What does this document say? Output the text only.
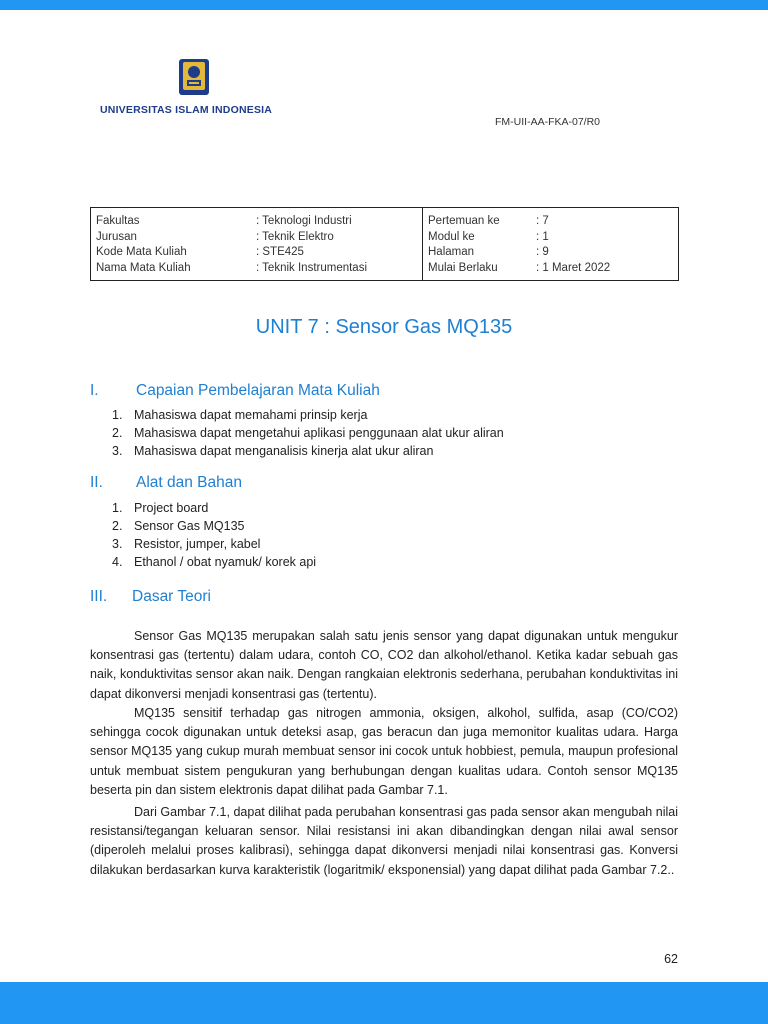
UNIVERSITAS ISLAM INDONESIA
FM-UII-AA-FKA-07/R0
Fakultas	: Teknologi Industri
Jurusan	: Teknik Elektro
Kode Mata Kuliah	: STE425
Nama Mata Kuliah	: Teknik Instrumentasi
Pertemuan ke	: 7
Modul ke	: 1
Halaman	: 9
Mulai Berlaku	: 1 Maret 2022
UNIT 7 : Sensor Gas MQ135
I. Capaian Pembelajaran Mata Kuliah
1. Mahasiswa dapat memahami prinsip kerja
2. Mahasiswa dapat mengetahui aplikasi penggunaan alat ukur aliran
3. Mahasiswa dapat menganalisis kinerja alat ukur aliran
II. Alat dan Bahan
1. Project board
2. Sensor Gas MQ135
3. Resistor, jumper, kabel
4. Ethanol / obat nyamuk/ korek api
III. Dasar Teori

Sensor Gas MQ135 merupakan salah satu jenis sensor yang dapat digunakan untuk mengukur konsentrasi gas (tertentu) dalam udara, contoh CO, CO2 dan alkohol/ethanol. Ketika kadar sebuah gas naik, konduktivitas sensor akan naik. Dengan rangkaian elektronis sederhana, perubahan konduktivitas ini dapat dikonversi menjadi konsentrasi gas (tertentu).

MQ135 sensitif terhadap gas nitrogen ammonia, oksigen, alkohol, sulfida, asap (CO/CO2) sehingga cocok digunakan untuk deteksi asap, gas beracun dan juga memonitor kualitas udara. Harga sensor MQ135 yang cukup murah membuat sensor ini cocok untuk hobbiest, pemula, maupun profesional untuk membuat sistem pengukuran yang berhubungan dengan kualitas udara. Contoh sensor MQ135 beserta pin dan sistem elektronis dapat dilihat pada Gambar 7.1.

Dari Gambar 7.1, dapat dilihat pada perubahan konsentrasi gas pada sensor akan mengubah nilai resistansi/tegangan keluaran sensor. Nilai resistansi ini akan dibandingkan dengan nilai awal sensor (diperoleh melalui proses kalibrasi), sehingga dapat dikonversi menjadi nilai konsentrasi gas. Konversi dilakukan berdasarkan kurva karakteristik (logaritmik/ eksponensial) yang dapat dilihat pada Gambar 7.2..

62
